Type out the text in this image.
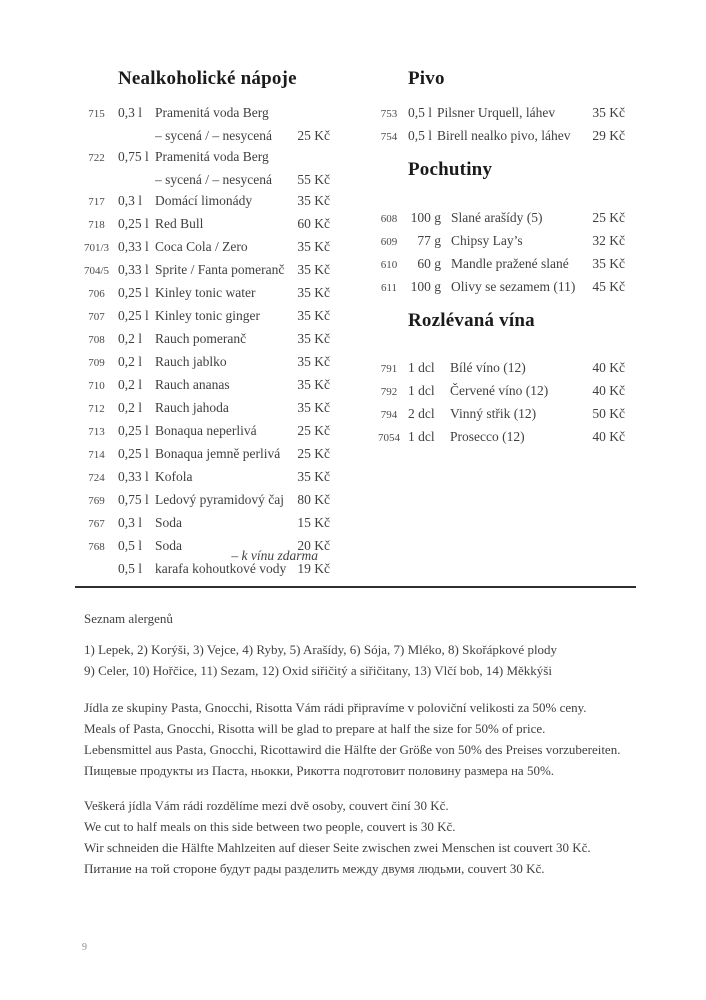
Nealkoholické nápoje
715 0,3 l Pramenitá voda Berg
– sycená / – nesycená	25 Kč
722 0,75 l Pramenitá voda Berg
– sycená / – nesycená	55 Kč
717 0,3 l Domácí limonády	35 Kč
718 0,25 l Red Bull	60 Kč
701/3 0,33 l Coca Cola / Zero	35 Kč
704/5 0,33 l Sprite / Fanta pomeranč 35 Kč
706 0,25 l Kinley tonic water	35 Kč
707 0,25 l Kinley tonic ginger	35 Kč
708 0,2 l Rauch pomeranč	35 Kč
709 0,2 l Rauch jablko	35 Kč
710 0,2 l Rauch ananas	35 Kč
712 0,2 l Rauch jahoda	35 Kč
713 0,25 l Bonaqua neperlivá	25 Kč
714 0,25 l Bonaqua jemně perlivá	25 Kč
724 0,33 l Kofola	35 Kč
769 0,75 l Ledový pyramidový čaj 80 Kč
767 0,3 l Soda	15 Kč
768 0,5 l Soda	20 Kč
0,5 l karafa kohoutkové vody 19 Kč
– k vínu zdarma
Pivo
753 0,5 l Pilsner Urquell, láhev	35 Kč
754 0,5 l Birell nealko pivo, láhev	29 Kč
Pochutiny
608 100 g Slané arašídy (5)	25 Kč
609	77 g Chipsy Lay’s	32 Kč
610	60 g Mandle pražené slané	35 Kč
611	100 g Olivy se sezamem (11)	45 Kč
Rozlévaná vína
791 1 dcl	Bílé víno (12)	40 Kč
792 1 dcl	Červené víno (12)	40 Kč
794 2 dcl	Vinný střik (12)	50 Kč
7054 1 dcl	Prosecco (12)	40 Kč
Seznam alergenů
1) Lepek, 2) Korýši, 3) Vejce, 4) Ryby, 5) Arašídy, 6) Sója, 7) Mléko, 8) Skořápkové plody
9) Celer, 10) Hořčice, 11) Sezam, 12) Oxid siřičitý a siřičitany, 13) Vlčí bob, 14) Měkkýši
Jídla ze skupiny Pasta, Gnocchi, Risotta Vám rádi připravíme v poloviční velikosti za 50% ceny.
Meals of Pasta, Gnocchi, Risotta will be glad to prepare at half the size for 50% of price.
Lebensmittel aus Pasta, Gnocchi, Ricottawird die Hälfte der Größe von 50% des Preises vorzubereiten.
Пищевые продукты из Паста, ньокки, Рикотта подготовит половину размера на 50%.
Veškerá jídla Vám rádi rozdělíme mezi dvě osoby, couvert činí 30 Kč.
We cut to half meals on this side between two people, couvert is 30 Kč.
Wir schneiden die Hälfte Mahlzeiten auf dieser Seite zwischen zwei Menschen ist couvert 30 Kč.
Питание на той стороне будут рады разделить между двумя людьми, couvert 30 Kč.
9
